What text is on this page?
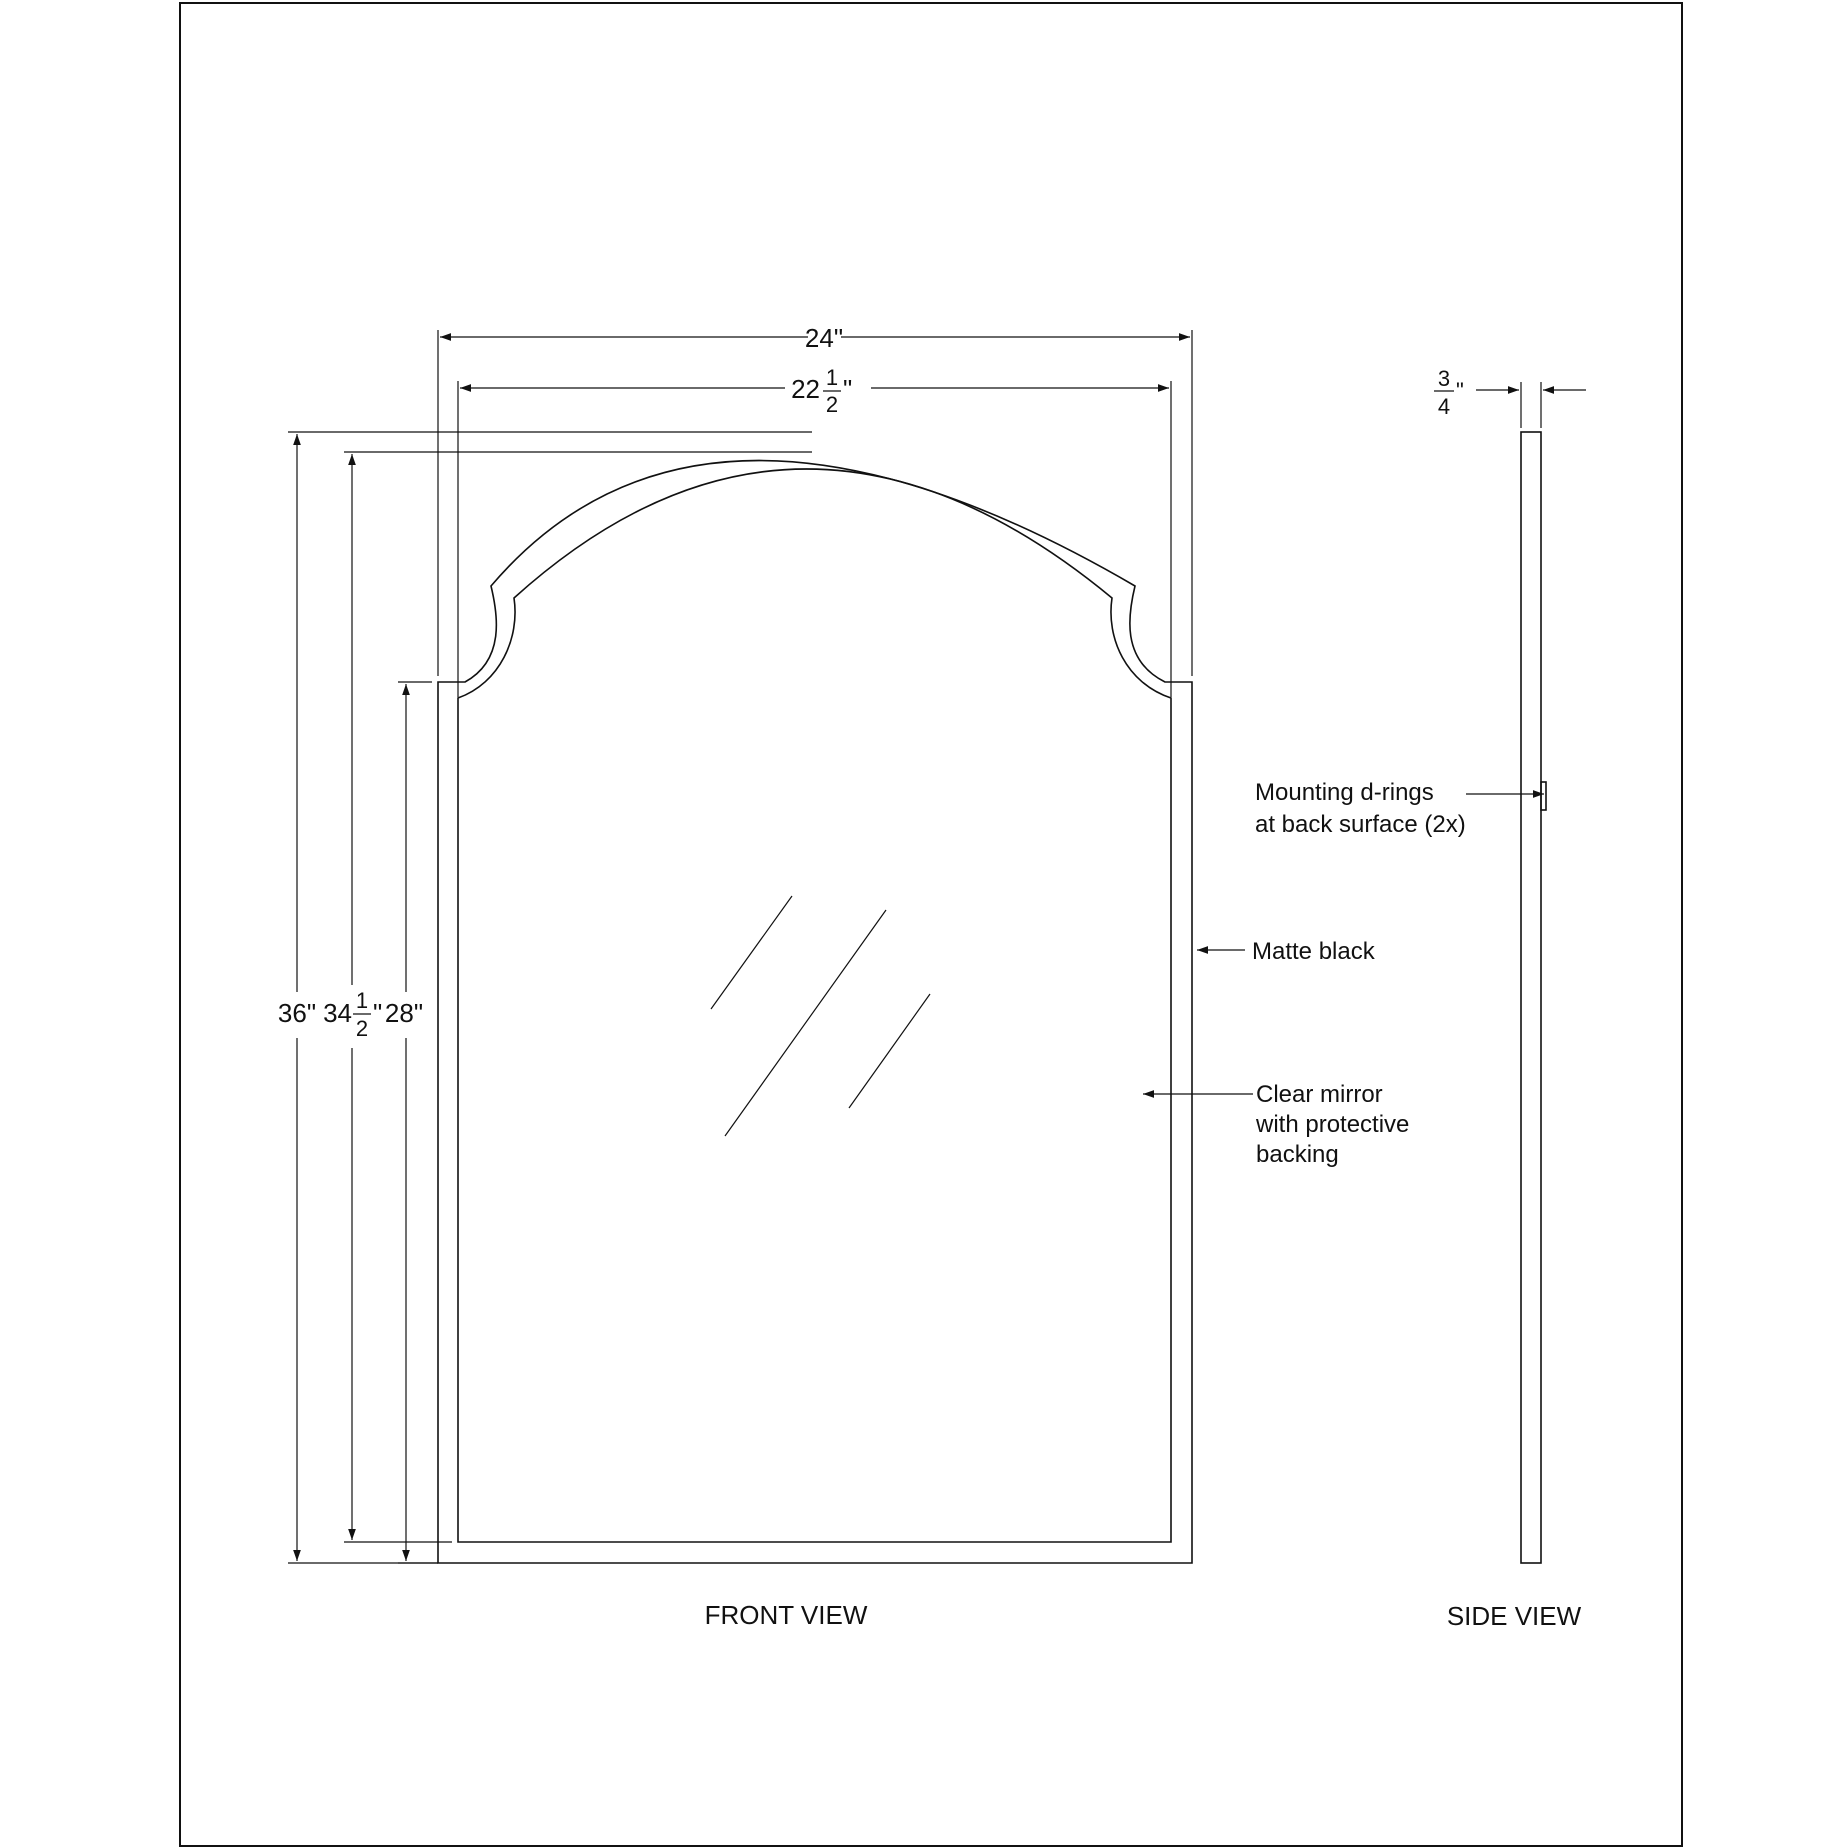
24"
22 1
2
"
36" 34 1
2
" 28"
Matte black
Clear mirror with protective backing
FRONT VIEW
3
4
"
Mounting d-rings at back surface (2x)
SIDE VIEW
